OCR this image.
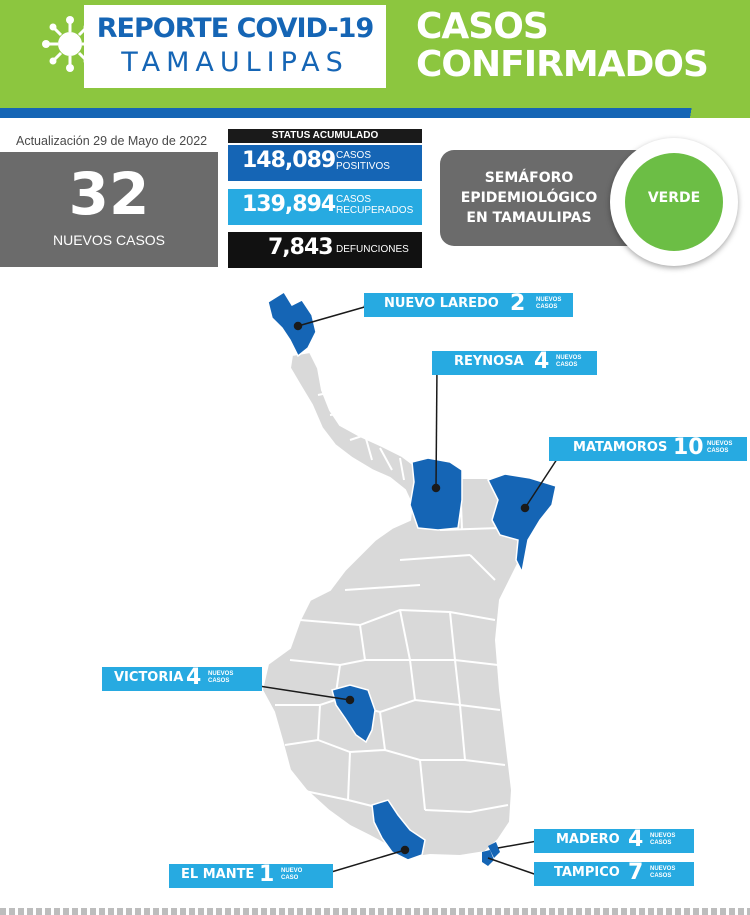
REPORTE COVID-19
TAMAULIPAS
CASOS
CONFIRMADOS
Actualización 29 de Mayo de 2022
32
NUEVOS CASOS
STATUS ACUMULADO
148,089 CASOS
POSITIVOS
139,894 CASOS
RECUPERADOS
7,843 DEFUNCIONES
SEMÁFORO
EPIDEMIOLÓGICO
EN TAMAULIPAS
VERDE
NUEVO LAREDO 2 NUEVOS
CASOS
REYNOSA 4 NUEVOS
CASOS
MATAMOROS 10 NUEVOS
CASOS
VICTORIA 4 NUEVOS
CASOS
EL MANTE 1 NUEVO
CASO
MADERO 4 NUEVOS
CASOS
TAMPICO 7 NUEVOS
CASOS
